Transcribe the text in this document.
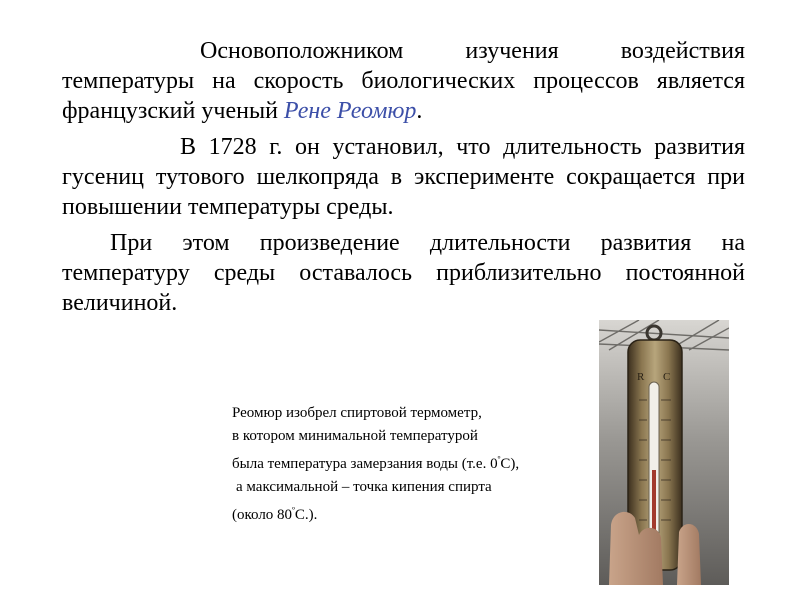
Основоположником изучения воздействия температуры на скорость биологических процессов является французский ученый Рене Реомюр.

В 1728 г. он установил, что длительность развития гусениц тутового шелкопряда в эксперименте сокращается при повышении температуры среды.

При этом произведение длительности развития на температуру среды оставалось приблизительно постоянной величиной.

Реомюр изобрел спиртовой термометр,
в котором минимальной температурой
была температура замерзания воды (т.е. $0^ºС$),
а максимальной – точка кипения спирта
(около $80^ºС$.).
R C
